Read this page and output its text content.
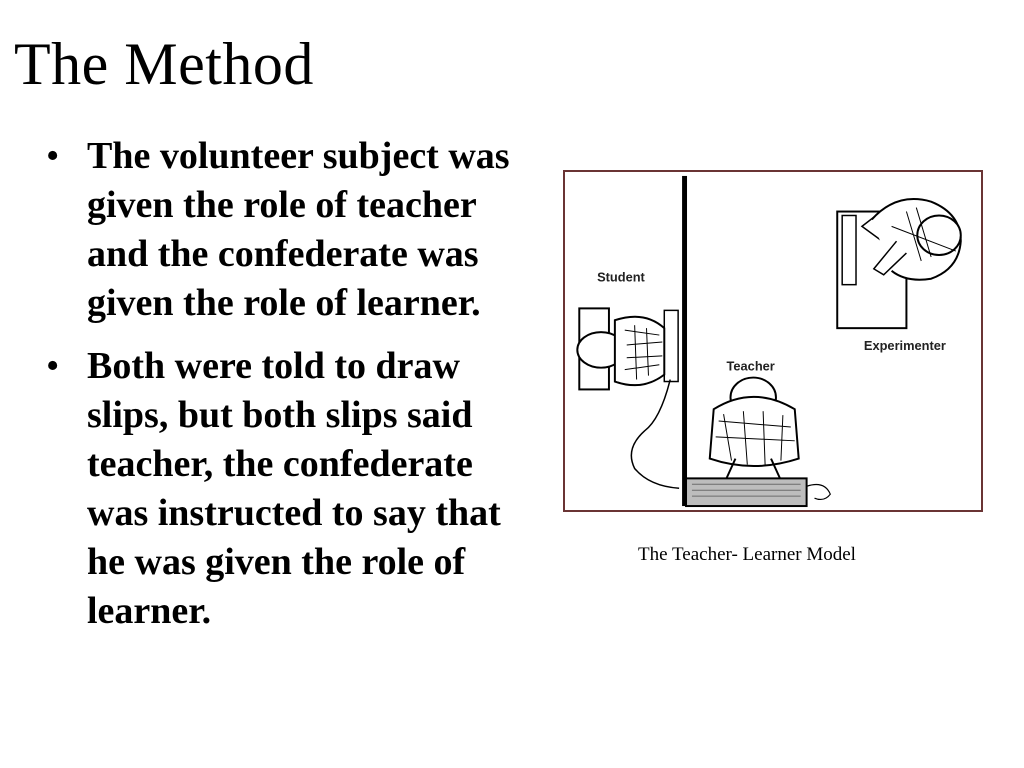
The Method
• The volunteer subject was given the role of teacher and the confederate was given the role of learner.
• Both were told to draw slips, but both slips said teacher, the confederate was instructed to say that he was given the role of learner.
Student
Experimenter
Teacher
The Teacher- Learner Model
